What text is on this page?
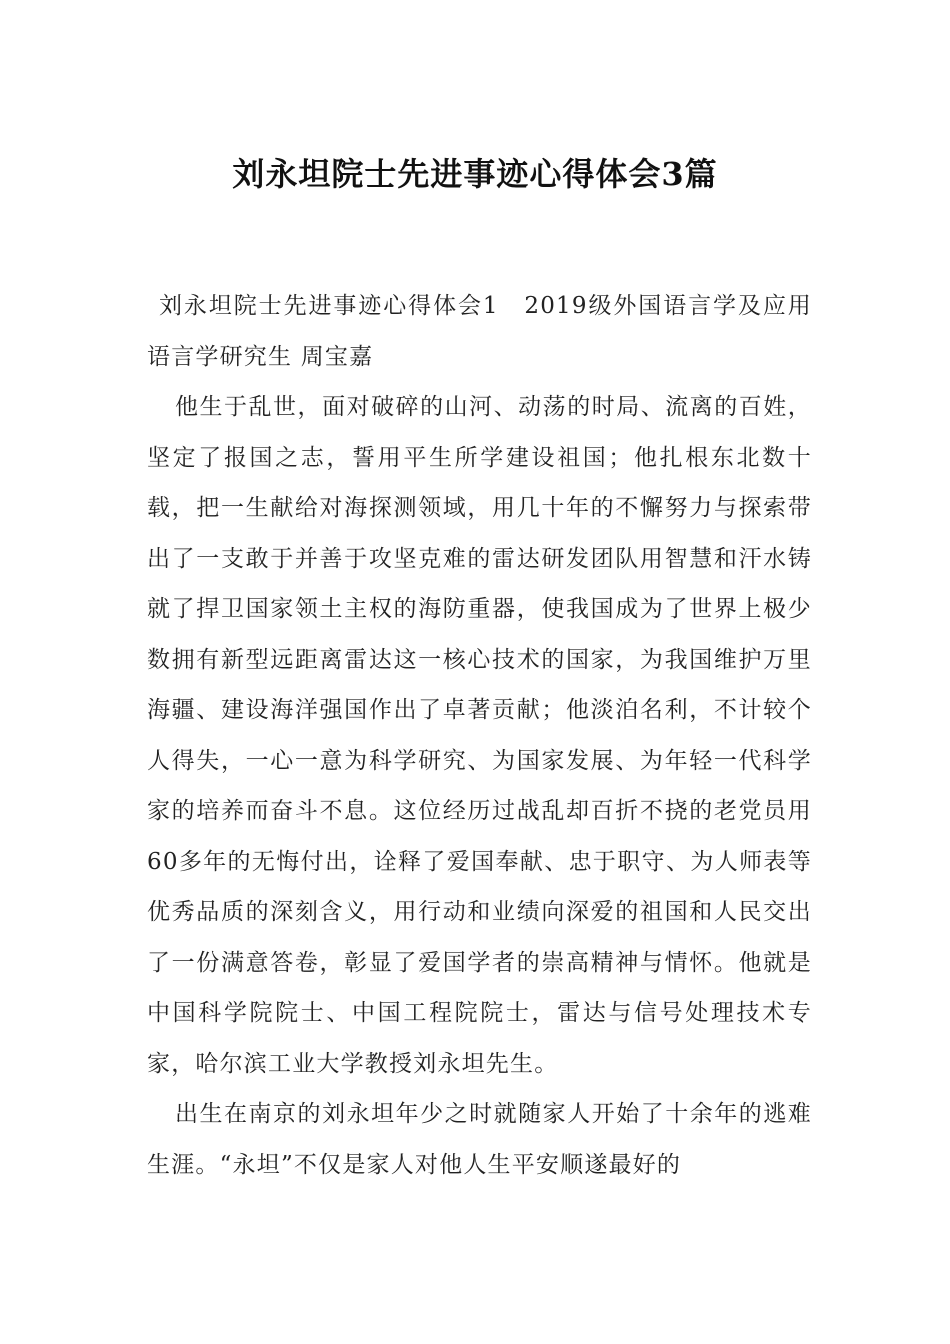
刘永坦院士先进事迹心得体会3篇

刘永坦院士先进事迹心得体会1　2019级外国语言学及应用语言学研究生 周宝嘉

他生于乱世，面对破碎的山河、动荡的时局、流离的百姓，坚定了报国之志，誓用平生所学建设祖国；他扎根东北数十载，把一生献给对海探测领域，用几十年的不懈努力与探索带出了一支敢于并善于攻坚克难的雷达研发团队用智慧和汗水铸就了捍卫国家领土主权的海防重器，使我国成为了世界上极少数拥有新型远距离雷达这一核心技术的国家，为我国维护万里海疆、建设海洋强国作出了卓著贡献；他淡泊名利，不计较个人得失，一心一意为科学研究、为国家发展、为年轻一代科学家的培养而奋斗不息。这位经历过战乱却百折不挠的老党员用60多年的无悔付出，诠释了爱国奉献、忠于职守、为人师表等优秀品质的深刻含义，用行动和业绩向深爱的祖国和人民交出了一份满意答卷，彰显了爱国学者的崇高精神与情怀。他就是中国科学院院士、中国工程院院士，雷达与信号处理技术专家，哈尔滨工业大学教授刘永坦先生。

出生在南京的刘永坦年少之时就随家人开始了十余年的逃难生涯。“永坦”不仅是家人对他人生平安顺遂最好的
